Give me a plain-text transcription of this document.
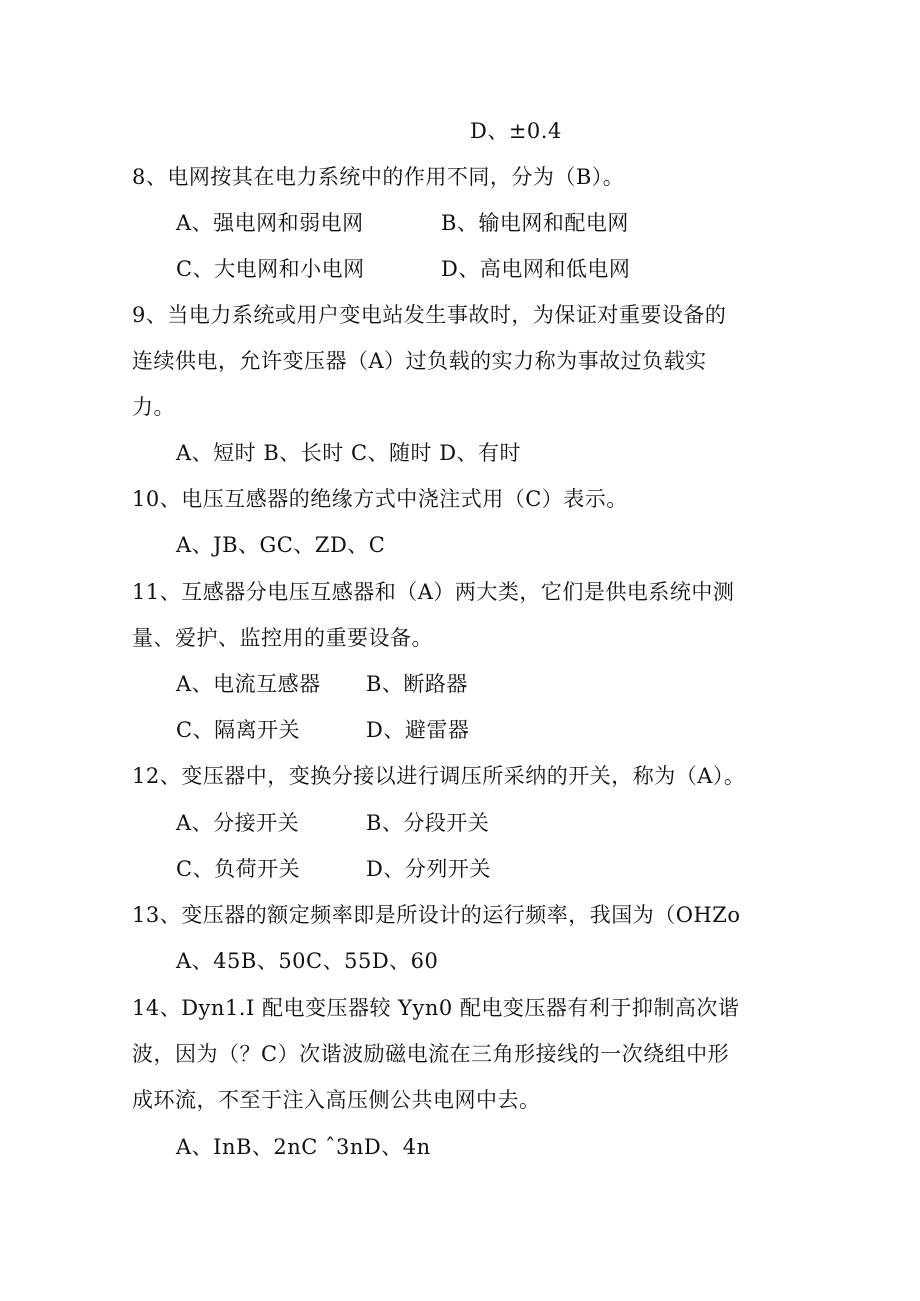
D、±0.4
8、电网按其在电力系统中的作用不同，分为（B）。
A、强电网和弱电网	B、输电网和配电网
C、大电网和小电网	D、高电网和低电网
9、当电力系统或用户变电站发生事故时，为保证对重要设备的
连续供电，允许变压器（A）过负载的实力称为事故过负载实
力。
A、短时 B、长时 C、随时 D、有时
10、电压互感器的绝缘方式中浇注式用（C）表示。
A、JB、GC、ZD、C
11、互感器分电压互感器和（A）两大类，它们是供电系统中测
量、爱护、监控用的重要设备。
A、电流互感器 B、断路器
C、隔离开关	D、避雷器
12、变压器中，变换分接以进行调压所采纳的开关，称为（A）。
A、分接开关	B、分段开关
C、负荷开关	D、分列开关
13、变压器的额定频率即是所设计的运行频率，我国为（OHZo
A、45B、50C、55D、60
14、Dyn1.I 配电变压器较 Yyn0 配电变压器有利于抑制高次谐
波，因为（？C）次谐波励磁电流在三角形接线的一次绕组中形
成环流，不至于注入高压侧公共电网中去。
A、InB、2nC ˆ3nD、4n
